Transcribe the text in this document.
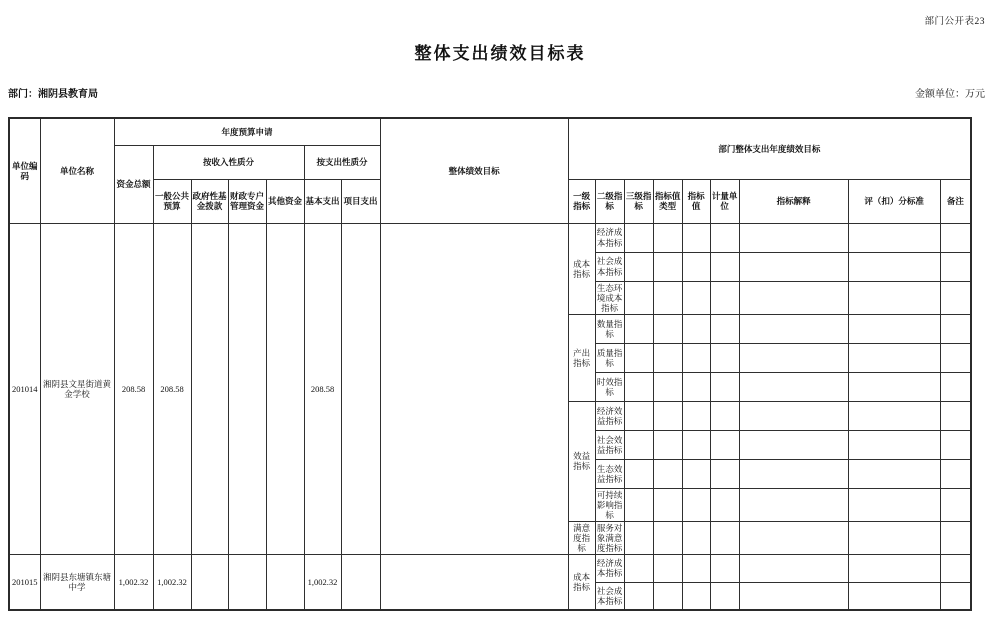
部门公开表23
整体支出绩效目标表
部门：湘阴县教育局	金额单位：万元
单位编码	单位名称	年度预算申请							整体绩效目标	部门整体支出年度绩效目标								
		资金总额	按收入性质分				按支出性质分											
			一般公共预算	政府性基金拨款	财政专户管理资金	其他资金	基本支出	项目支出		一级指标	二级指标	三级指标	指标值类型	指标值	计量单位	指标解释	评（扣）分标准	备注
201014	湘阴县文星街道黄金学校	208.58	208.58				208.58			成本指标	经济成本指标							
											社会成本指标							
											生态环境成本指标							
										产出指标	数量指标							
											质量指标							
											时效指标							
										效益指标	经济效益指标							
											社会效益指标							
											生态效益指标							
											可持续影响指标							
										满意度指标	服务对象满意度指标							
201015	湘阴县东塘镇东塘中学	1,002.32	1,002.32				1,002.32			成本指标	经济成本指标							
											社会成本指标							
